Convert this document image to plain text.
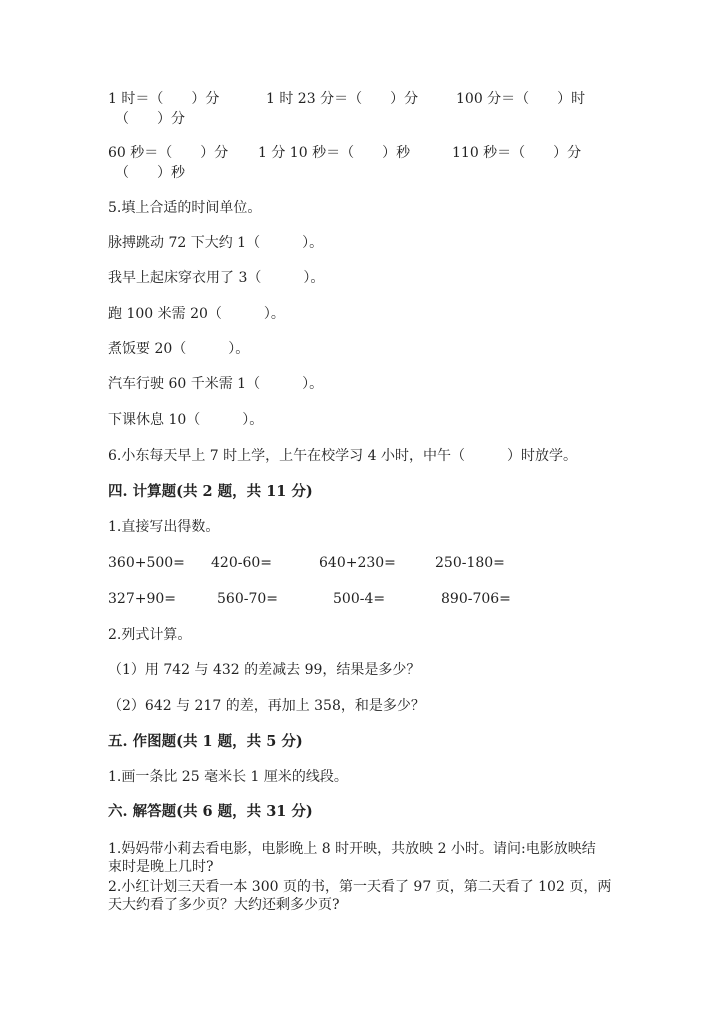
1 时＝（　　）分	1 时 23 分＝（　　）分	100 分＝（　　）时
（　　）分
60 秒＝（　　）分 1 分 10 秒＝（　　）秒	110 秒＝（　　）分
（　　）秒
5.填上合适的时间单位。
脉搏跳动 72 下大约 1（　　　）。
我早上起床穿衣用了 3（　　　）。
跑 100 米需 20（　　　）。
煮饭要 20（　　　）。
汽车行驶 60 千米需 1（　　　）。
下课休息 10（　　　）。
6.小东每天早上 7 时上学，上午在校学习 4 小时，中午（　　　）时放学。
四. 计算题(共 2 题，共 11 分)
1.直接写出得数。
360+500= 420-60=	640+230=	250-180=
327+90=	560-70=	500-4=	890-706=
2.列式计算。
（1）用 742 与 432 的差减去 99，结果是多少？
（2）642 与 217 的差，再加上 358，和是多少？
五. 作图题(共 1 题，共 5 分)
1.画一条比 25 毫米长 1 厘米的线段。
六. 解答题(共 6 题，共 31 分)
1.妈妈带小莉去看电影，电影晚上 8 时开映，共放映 2 小时。请问:电影放映结
束时是晚上几时?
2.小红计划三天看一本 300 页的书，第一天看了 97 页，第二天看了 102 页，两
天大约看了多少页？大约还剩多少页?
